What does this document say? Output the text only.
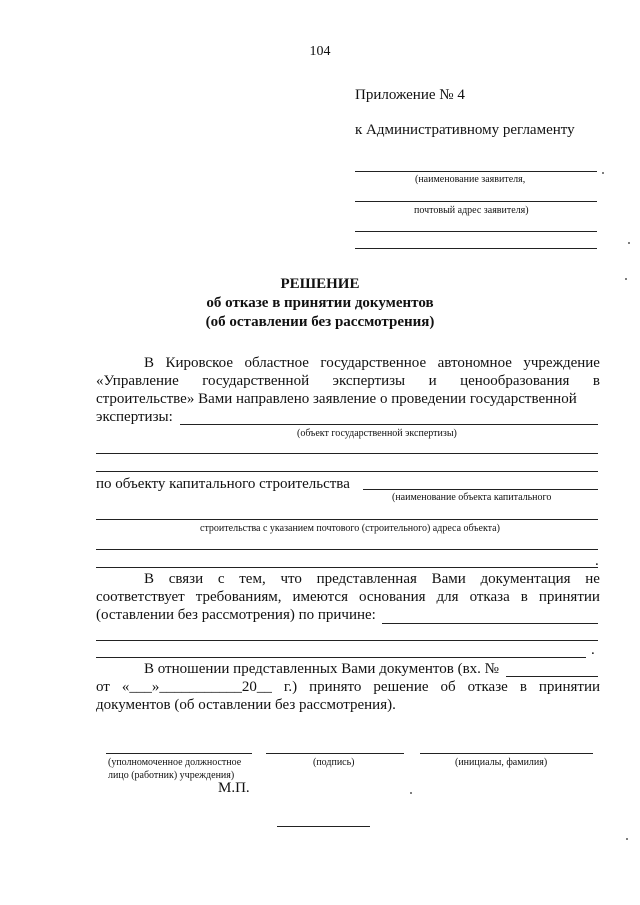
104
Приложение № 4
к Административному регламенту
(наименование заявителя,
почтовый адрес заявителя)
РЕШЕНИЕ
об отказе в принятии документов
(об оставлении без рассмотрения)
В Кировское областное государственное автономное учреждение
«Управление государственной экспертизы и ценообразования в
строительстве» Вами направлено заявление о проведении государственной
экспертизы:
(объект государственной экспертизы)
по объекту капитального строительства
(наименование объекта капитального
строительства с указанием почтового (строительного) адреса объекта)
.
В связи с тем, что представленная Вами документация не
соответствует требованиям, имеются основания для отказа в принятии
(оставлении без рассмотрения) по причине:
.
В отношении представленных Вами документов (вх. №
от «___»___________20__ г.) принято решение об отказе в принятии
документов (об оставлении без рассмотрения).
(уполномоченное должностное
лицо (работник) учреждения)
(подпись)	(инициалы, фамилия)
М.П.
